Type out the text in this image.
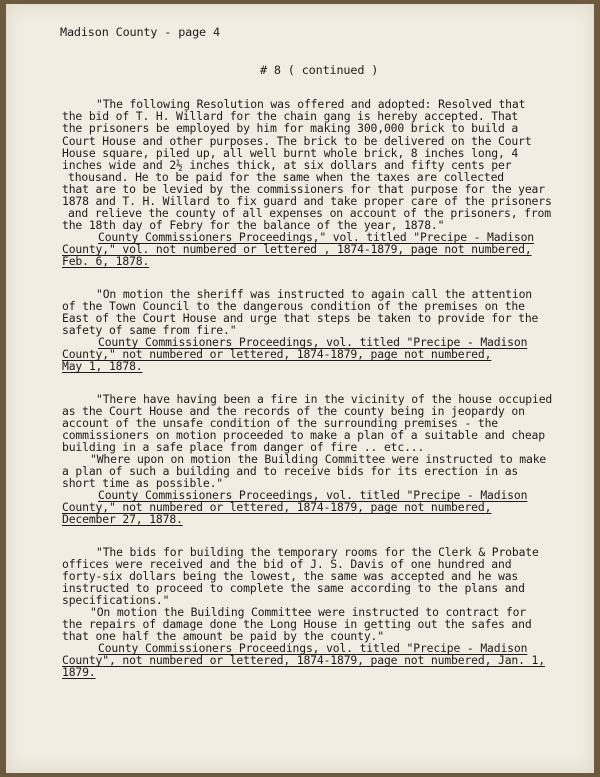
Madison County - page 4
# 8 ( continued )
"The following Resolution was offered and adopted: Resolved that
the bid of T. H. Willard for the chain gang is hereby accepted. That
the prisoners be employed by him for making 300,000 brick to build a
Court House and other purposes. The brick to be delivered on the Court
House square, piled up, all well burnt whole brick, 8 inches long, 4
inches wide and 2½ inches thick, at six dollars and fifty cents per
thousand. He to be paid for the same when the taxes are collected
that are to be levied by the commissioners for that purpose for the year
1878 and T. H. Willard to fix guard and take proper care of the prisoners
and relieve the county of all expenses on account of the prisoners, from
the 18th day of Febry for the balance of the year, 1878."
County Commissioners Proceedings," vol. titled "Precipe - Madison
County," vol. not numbered or lettered , 1874-1879, page not numbered,
Feb. 6, 1878.
"On motion the sheriff was instructed to again call the attention
of the Town Council to the dangerous condition of the premises on the
East of the Court House and urge that steps be taken to provide for the
safety of same from fire."
County Commissioners Proceedings, vol. titled "Precipe - Madison
County," not numbered or lettered, 1874-1879, page not numbered,
May 1, 1878.
"There have having been a fire in the vicinity of the house occupied
as the Court House and the records of the county being in jeopardy on
account of the unsafe condition of the surrounding premises - the
commissioners on motion proceeded to make a plan of a suitable and cheap
building in a safe place from danger of fire .. etc...
"Where upon on motion the Building Committee were instructed to make
a plan of such a building and to receive bids for its erection in as
short time as possible."
County Commissioners Proceedings, vol. titled "Precipe - Madison
County," not numbered or lettered, 1874-1879, page not numbered,
December 27, 1878.
"The bids for building the temporary rooms for the Clerk & Probate
offices were received and the bid of J. S. Davis of one hundred and
forty-six dollars being the lowest, the same was accepted and he was
instructed to proceed to complete the same according to the plans and
specifications."
"On motion the Building Committee were instructed to contract for
the repairs of damage done the Long House in getting out the safes and
that one half the amount be paid by the county."
County Commissioners Proceedings, vol. titled "Precipe - Madison
County", not numbered or lettered, 1874-1879, page not numbered, Jan. 1,
1879.
